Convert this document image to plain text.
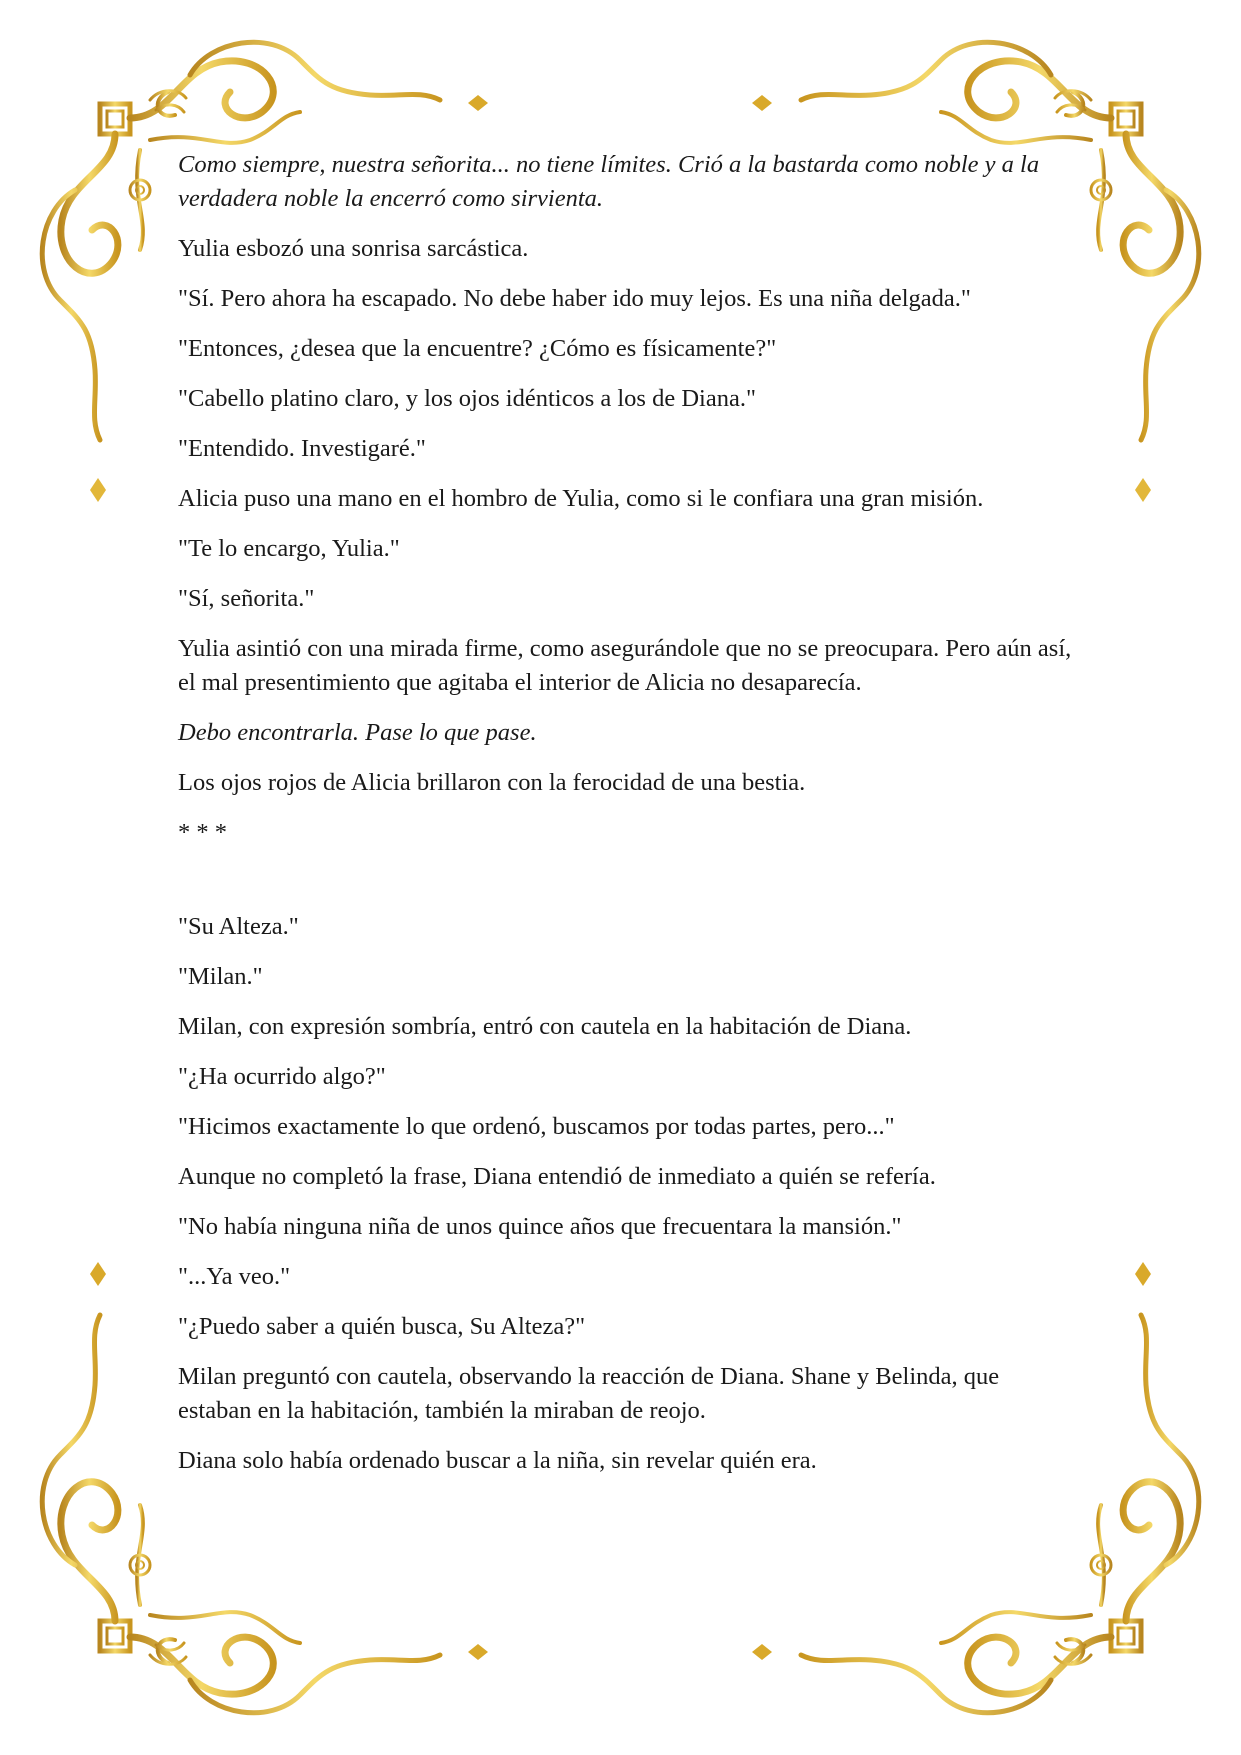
Como siempre, nuestra señorita... no tiene límites. Crió a la bastarda como noble y a la verdadera noble la encerró como sirvienta.

Yulia esbozó una sonrisa sarcástica.

"Sí. Pero ahora ha escapado. No debe haber ido muy lejos. Es una niña delgada."

"Entonces, ¿desea que la encuentre? ¿Cómo es físicamente?"

"Cabello platino claro, y los ojos idénticos a los de Diana."

"Entendido. Investigaré."

Alicia puso una mano en el hombro de Yulia, como si le confiara una gran misión.

"Te lo encargo, Yulia."

"Sí, señorita."

Yulia asintió con una mirada firme, como asegurándole que no se preocupara. Pero aún así, el mal presentimiento que agitaba el interior de Alicia no desaparecía.

Debo encontrarla. Pase lo que pase.

Los ojos rojos de Alicia brillaron con la ferocidad de una bestia.

* * *

"Su Alteza."

"Milan."

Milan, con expresión sombría, entró con cautela en la habitación de Diana.

"¿Ha ocurrido algo?"

"Hicimos exactamente lo que ordenó, buscamos por todas partes, pero..."

Aunque no completó la frase, Diana entendió de inmediato a quién se refería.

"No había ninguna niña de unos quince años que frecuentara la mansión."

"...Ya veo."

"¿Puedo saber a quién busca, Su Alteza?"

Milan preguntó con cautela, observando la reacción de Diana. Shane y Belinda, que estaban en la habitación, también la miraban de reojo.

Diana solo había ordenado buscar a la niña, sin revelar quién era.
